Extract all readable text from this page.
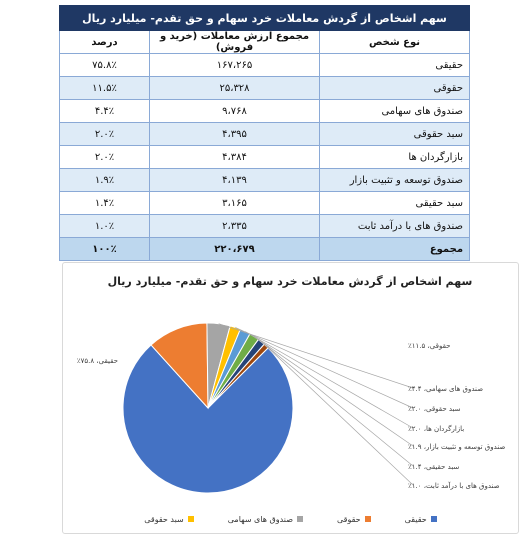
سهم اشخاص از گردش معاملات خرد سهام و حق تقدم- میلیارد ریال		
نوع شخص	مجموع ارزش معاملات (خرید و فروش)	درصد
حقیقی	۱۶۷،۲۶۵	۷۵.۸٪
حقوقی	۲۵،۳۲۸	۱۱.۵٪
صندوق های سهامی	۹،۷۶۸	۴.۴٪
سبد حقوقی	۴،۳۹۵	۲.۰٪
بازارگردان ها	۴،۳۸۴	۲.۰٪
صندوق توسعه و تثبیت بازار	۴،۱۳۹	۱.۹٪
سبد حقیقی	۳،۱۶۵	۱.۴٪
صندوق های با درآمد ثابت	۲،۳۳۵	۱.۰٪
مجموع	۲۲۰،۶۷۹	۱۰۰٪
سهم اشخاص از گردش معاملات خرد سهام و حق تقدم- میلیارد ریال
حقیقی، ۷۵.۸٪
حقوقی، ۱۱.۵٪
صندوق های سهامی، ۴.۴٪
سبد حقوقی، ۲.۰٪
بازارگردان ها، ۲.۰٪
صندوق توسعه و تثبیت بازار، ۱.۹٪
سبد حقیقی، ۱.۴٪
صندوق های با درآمد ثابت، ۱.۰٪
حقیقی
حقوقی
صندوق های سهامی
سبد حقوقی
